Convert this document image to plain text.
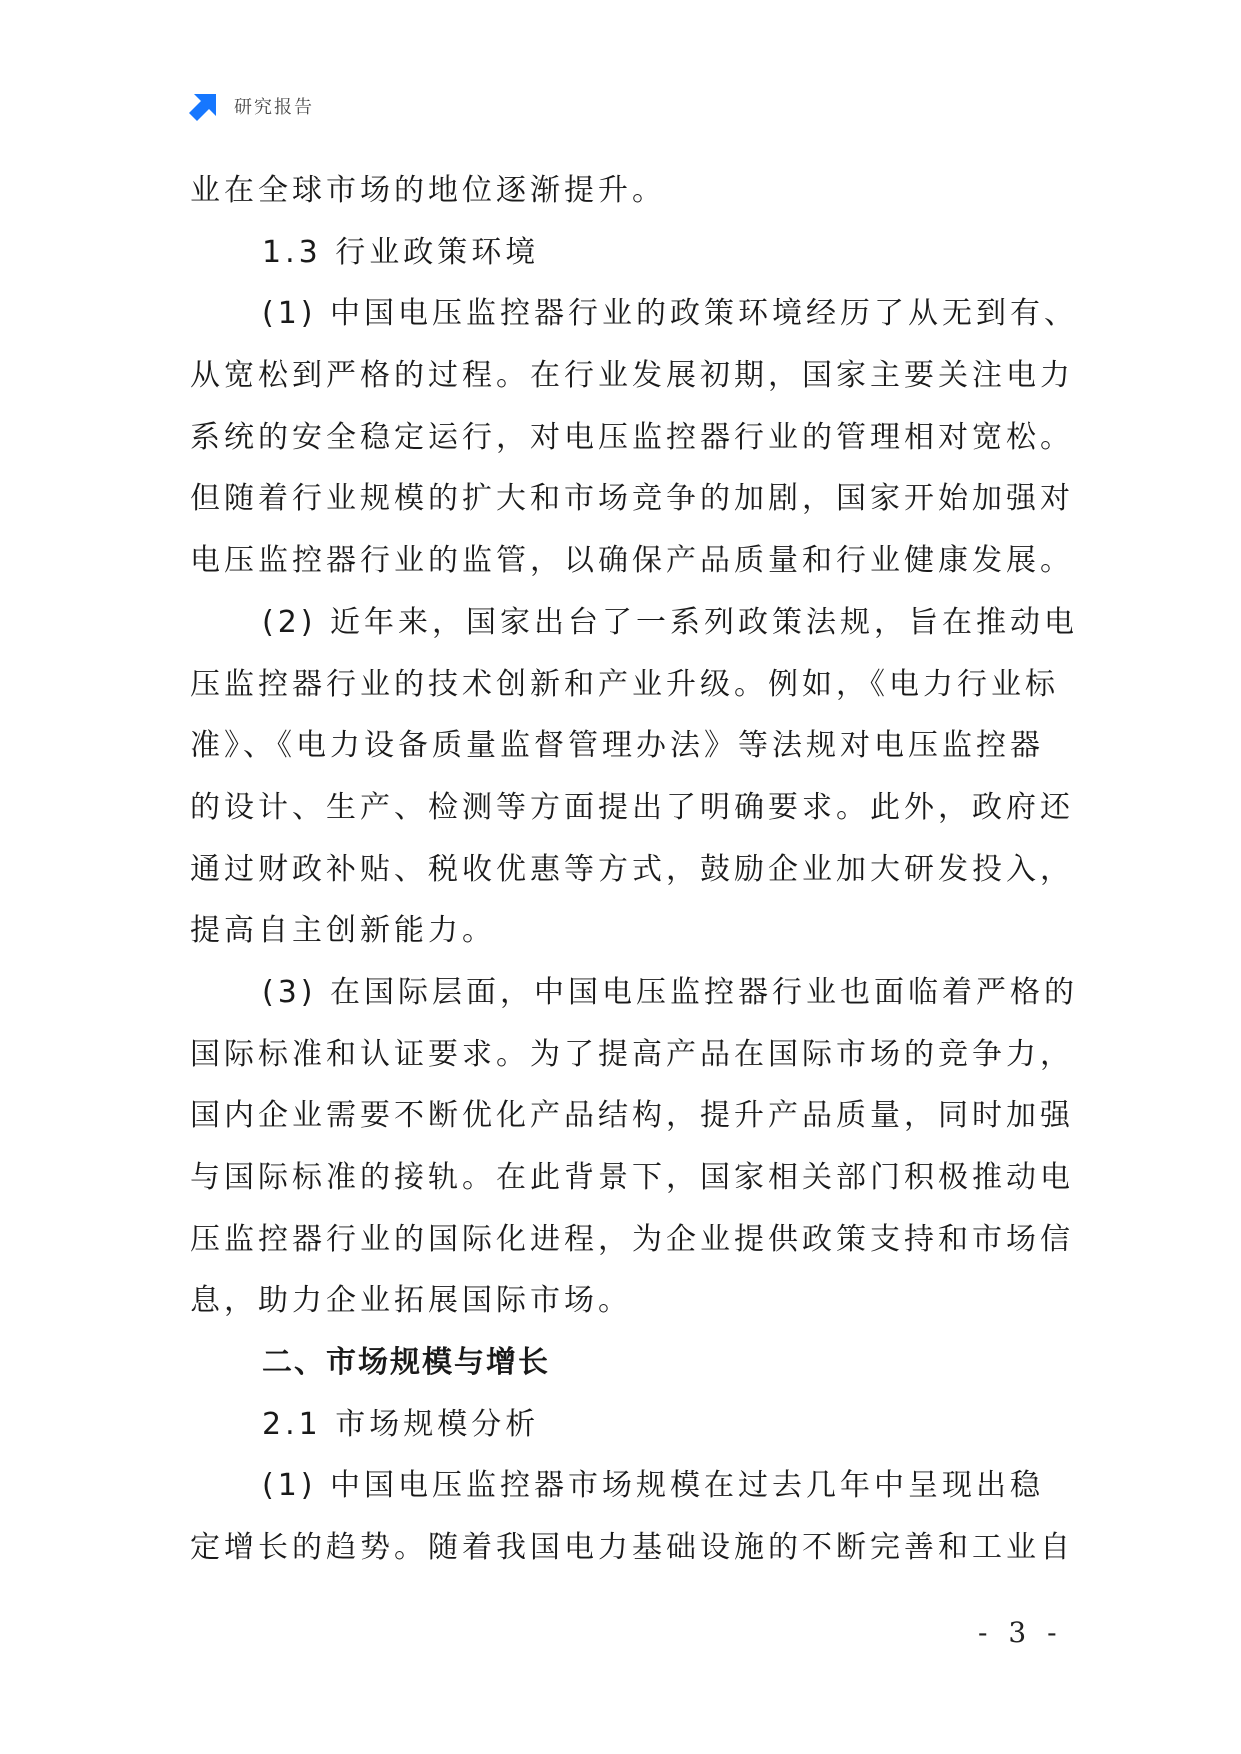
研究报告
业在全球市场的地位逐渐提升。
1.3 行业政策环境
(1) 中国电压监控器行业的政策环境经历了从无到有、
从宽松到严格的过程。在行业发展初期，国家主要关注电力
系统的安全稳定运行，对电压监控器行业的管理相对宽松。
但随着行业规模的扩大和市场竞争的加剧，国家开始加强对
电压监控器行业的监管，以确保产品质量和行业健康发展。
(2) 近年来，国家出台了一系列政策法规，旨在推动电
压监控器行业的技术创新和产业升级。例如，《电力行业标
准》、《电力设备质量监督管理办法》等法规对电压监控器
的设计、生产、检测等方面提出了明确要求。此外，政府还
通过财政补贴、税收优惠等方式，鼓励企业加大研发投入，
提高自主创新能力。
(3) 在国际层面，中国电压监控器行业也面临着严格的
国际标准和认证要求。为了提高产品在国际市场的竞争力，
国内企业需要不断优化产品结构，提升产品质量，同时加强
与国际标准的接轨。在此背景下，国家相关部门积极推动电
压监控器行业的国际化进程，为企业提供政策支持和市场信
息，助力企业拓展国际市场。
二、市场规模与增长
2.1 市场规模分析
(1) 中国电压监控器市场规模在过去几年中呈现出稳
定增长的趋势。随着我国电力基础设施的不断完善和工业自
- 3 -
